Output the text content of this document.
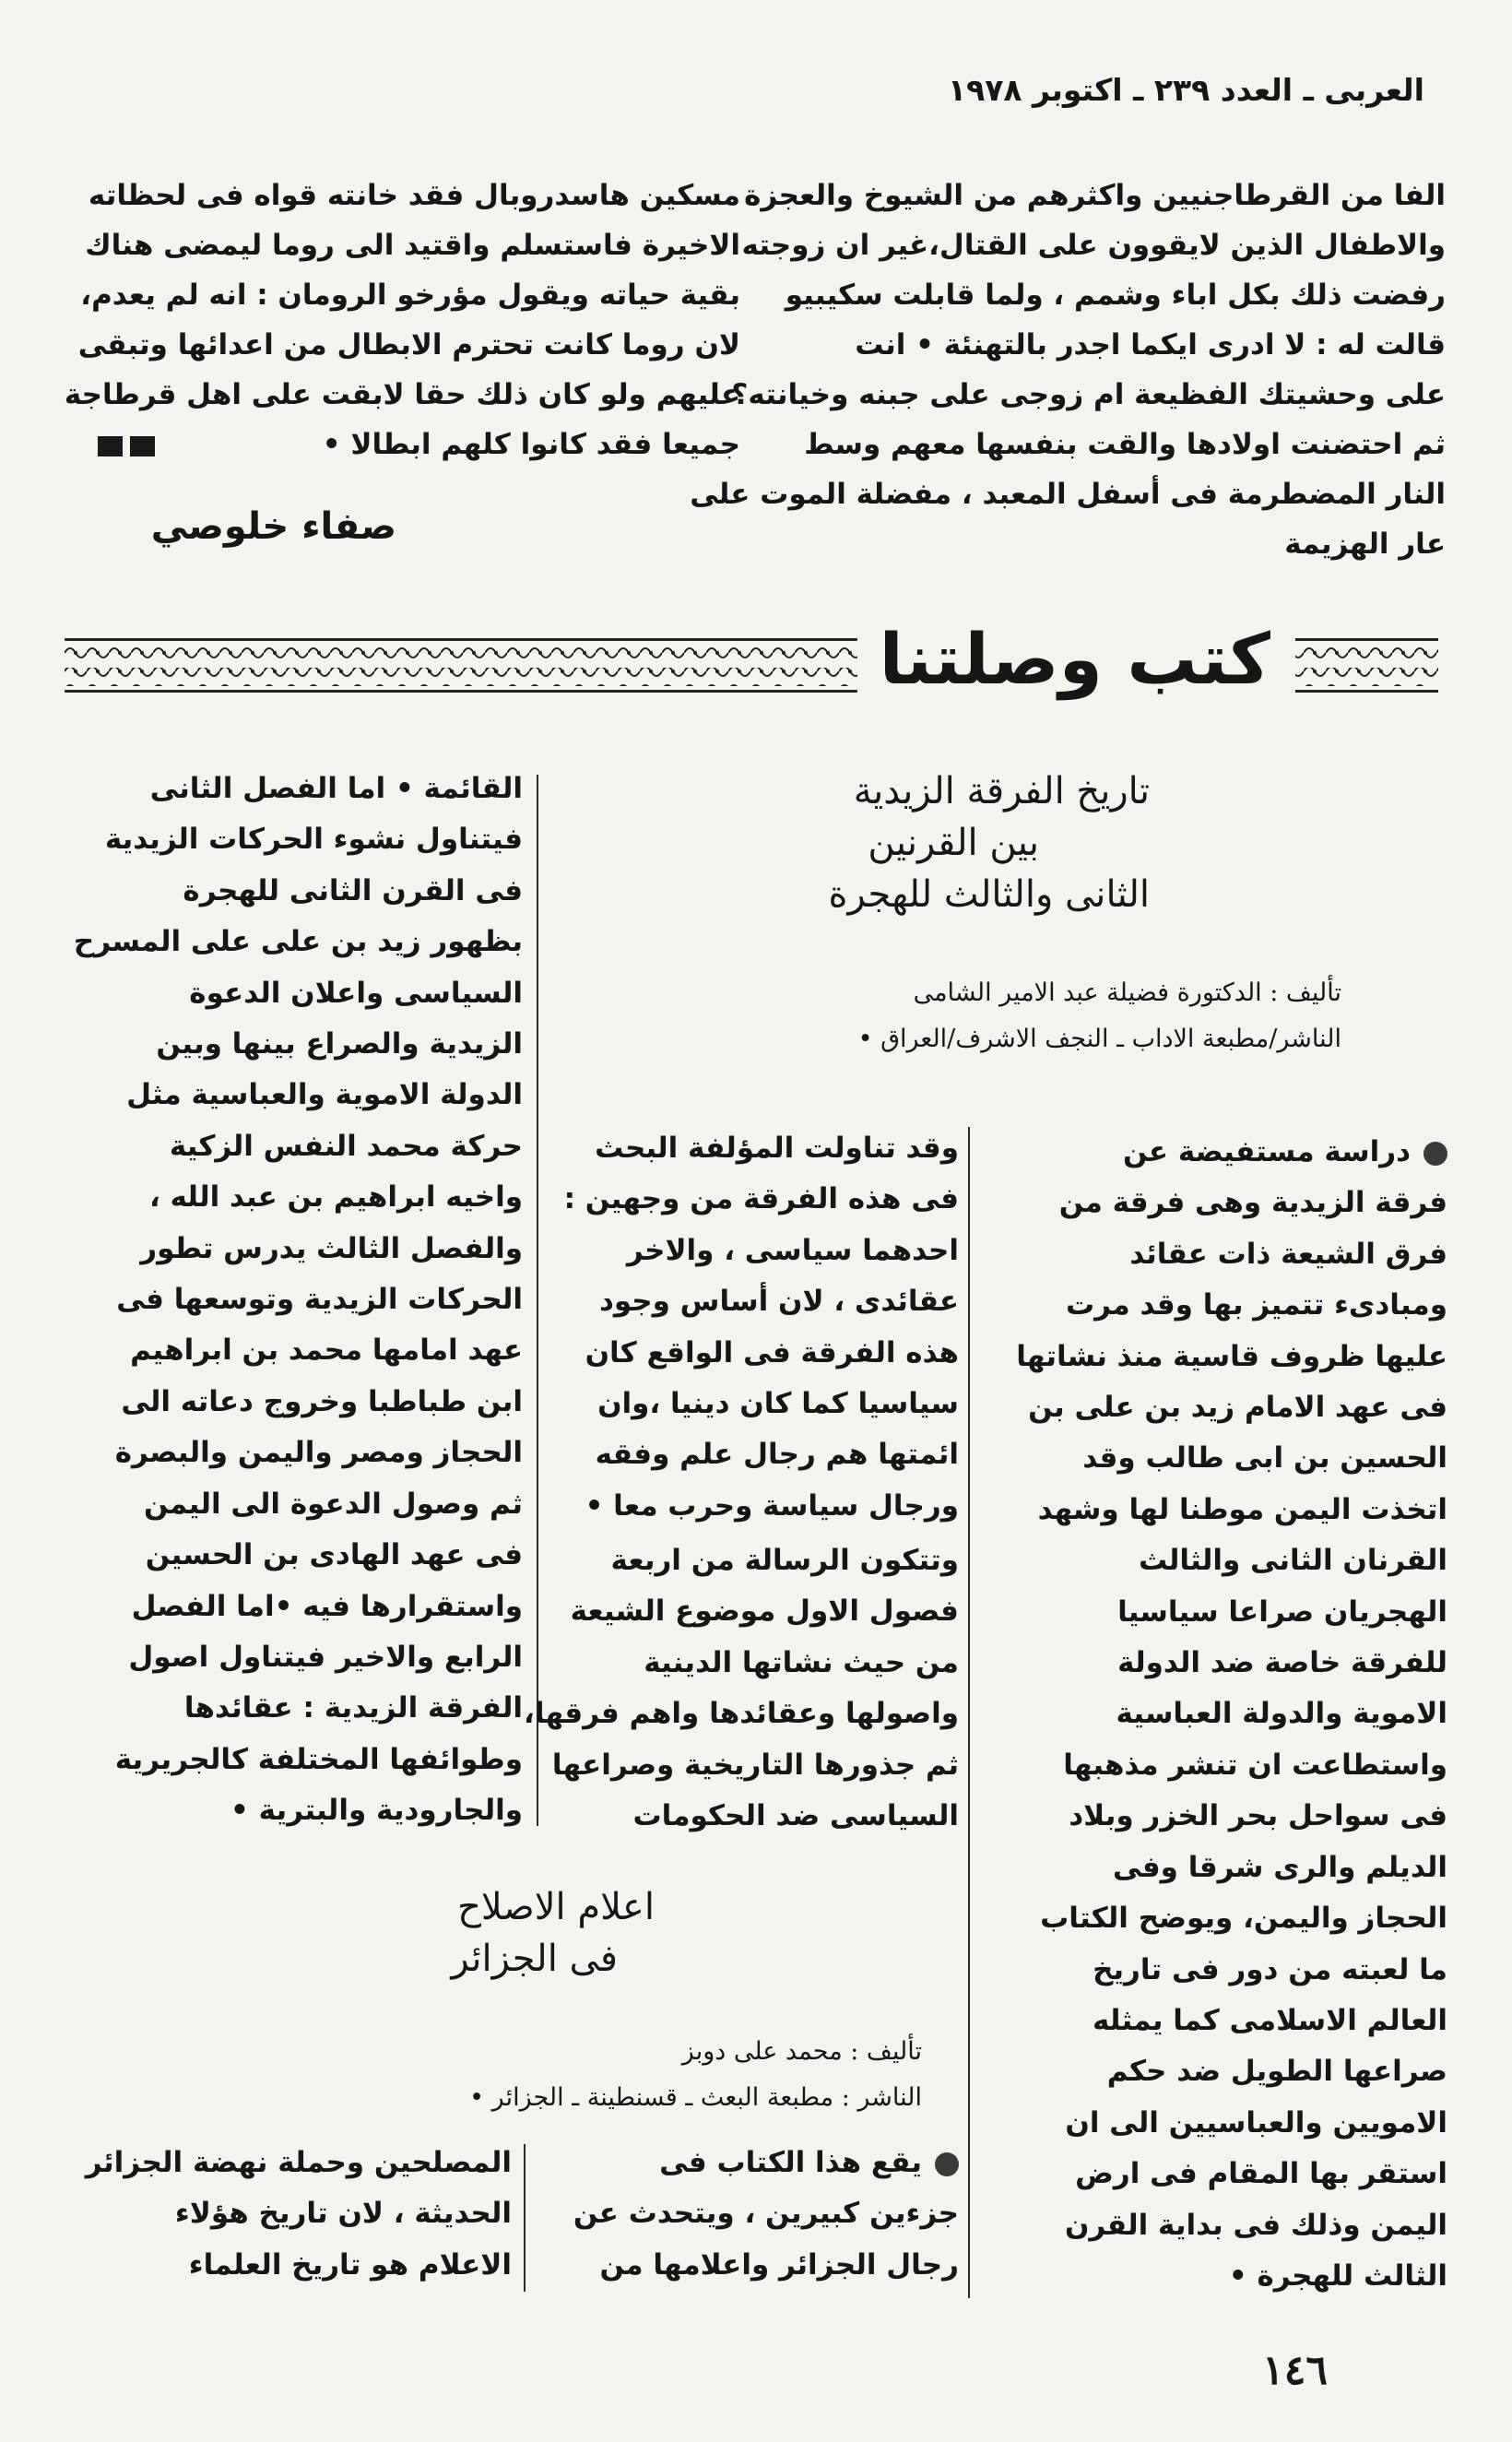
العربى ـ العدد ٢٣٩ ـ اكتوبر ١٩٧٨
الفا من القرطاجنيين واكثرهم من الشيوخ والعجزة
والاطفال الذين لايقوون على القتال،غير ان زوجته
رفضت ذلك بكل اباء وشمم ، ولما قابلت سكيبيو
قالت له : لا ادرى ايكما اجدر بالتهنئة • انت
على وحشيتك الفظيعة ام زوجى على جبنه وخيانته؟
ثم احتضنت اولادها والقت بنفسها معهم وسط
النار المضطرمة فى أسفل المعبد ، مفضلة الموت على
عار الهزيمة
مسكين هاسدروبال فقد خانته قواه فى لحظاته
الاخيرة فاستسلم واقتيد الى روما ليمضى هناك
بقية حياته ويقول مؤرخو الرومان : انه لم يعدم،
لان روما كانت تحترم الابطال من اعدائها وتبقى
عليهم ولو كان ذلك حقا لابقت على اهل قرطاجة
جميعا فقد كانوا كلهم ابطالا •
صفاء خلوصي
كتب وصلتنا
تاريخ الفرقة الزيدية
بين القرنين
الثانى والثالث للهجرة
تأليف : الدكتورة فضيلة عبد الامير الشامى
الناشر/مطبعة الاداب ـ النجف الاشرف/العراق •
دراسة مستفيضة عن
فرقة الزيدية وهى فرقة من
فرق الشيعة ذات عقائد
ومبادىء تتميز بها وقد مرت
عليها ظروف قاسية منذ نشاتها
فى عهد الامام زيد بن على بن
الحسين بن ابى طالب وقد
اتخذت اليمن موطنا لها وشهد
القرنان الثانى والثالث
الهجريان صراعا سياسيا
للفرقة خاصة ضد الدولة
الاموية والدولة العباسية
واستطاعت ان تنشر مذهبها
فى سواحل بحر الخزر وبلاد
الديلم والرى شرقا وفى
الحجاز واليمن، ويوضح الكتاب
ما لعبته من دور فى تاريخ
العالم الاسلامى كما يمثله
صراعها الطويل ضد حكم
الامويين والعباسيين الى ان
استقر بها المقام فى ارض
اليمن وذلك فى بداية القرن
الثالث للهجرة •
وقد تناولت المؤلفة البحث
فى هذه الفرقة من وجهين :
احدهما سياسى ، والاخر
عقائدى ، لان أساس وجود
هذه الفرقة فى الواقع كان
سياسيا كما كان دينيا ،وان
ائمتها هم رجال علم وفقه
ورجال سياسة وحرب معا •
وتتكون الرسالة من اربعة
فصول الاول موضوع الشيعة
من حيث نشاتها الدينية
واصولها وعقائدها واهم فرقها،
ثم جذورها التاريخية وصراعها
السياسى ضد الحكومات
القائمة • اما الفصل الثانى
فيتناول نشوء الحركات الزيدية
فى القرن الثانى للهجرة
بظهور زيد بن على على المسرح
السياسى واعلان الدعوة
الزيدية والصراع بينها وبين
الدولة الاموية والعباسية مثل
حركة محمد النفس الزكية
واخيه ابراهيم بن عبد الله ،
والفصل الثالث يدرس تطور
الحركات الزيدية وتوسعها فى
عهد امامها محمد بن ابراهيم
ابن طباطبا وخروج دعاته الى
الحجاز ومصر واليمن والبصرة
ثم وصول الدعوة الى اليمن
فى عهد الهادى بن الحسين
واستقرارها فيه •اما الفصل
الرابع والاخير فيتناول اصول
الفرقة الزيدية : عقائدها
وطوائفها المختلفة كالجريرية
والجارودية والبترية •
اعلام الاصلاح
فى الجزائر
تأليف : محمد على دوبز
الناشر : مطبعة البعث ـ قسنطينة ـ الجزائر •
يقع هذا الكتاب فى
جزءين كبيرين ، ويتحدث عن
رجال الجزائر واعلامها من
المصلحين وحملة نهضة الجزائر
الحديثة ، لان تاريخ هؤلاء
الاعلام هو تاريخ العلماء
١٤٦
